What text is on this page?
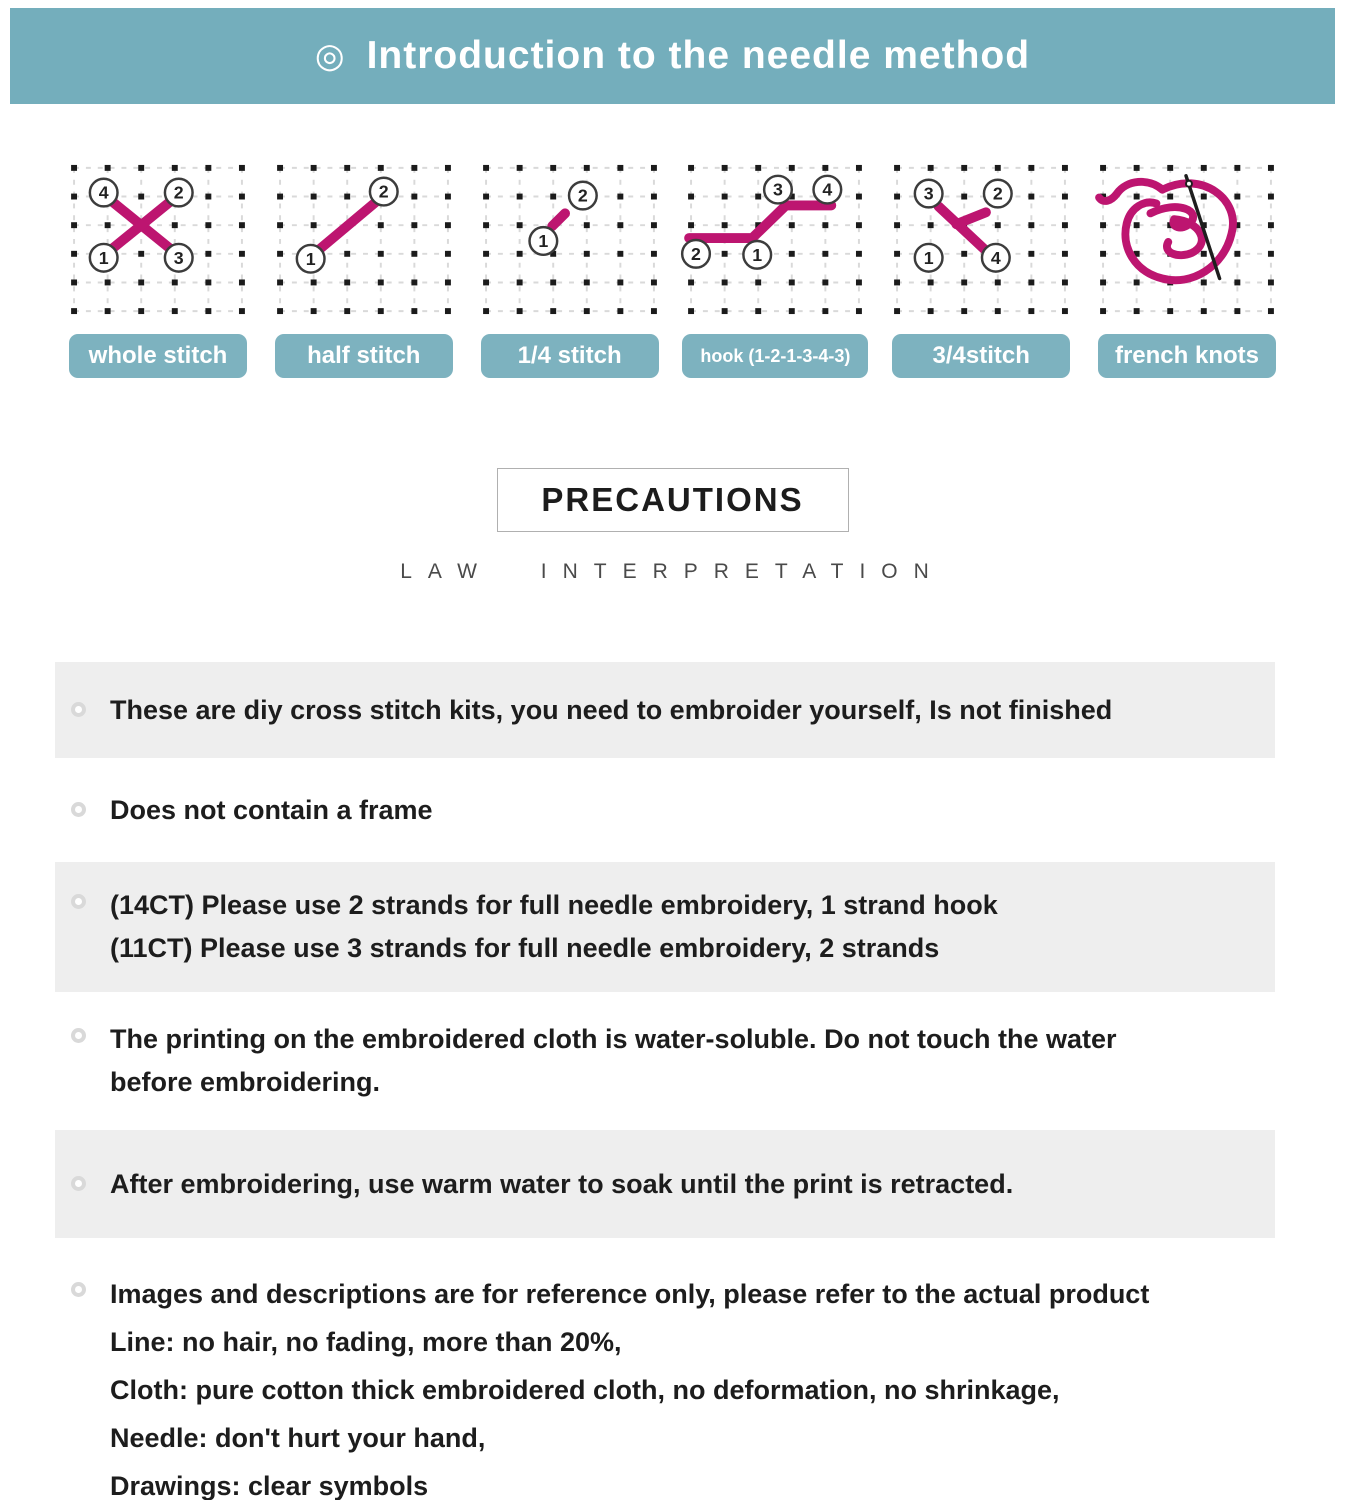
◎ Introduction to the needle method
4	2
1	3
whole stitch
1
2
half stitch
1
2
1/4 stitch
2	1
3 4
hook (1-2-1-3-4-3)
3	2
1	4
3/4stitch	french knots
PRECAUTIONS
LAW INTERPRETATION
These are diy cross stitch kits, you need to embroider yourself, Is not finished
Does not contain a frame
(14CT) Please use 2 strands for full needle embroidery, 1 strand hook
(11CT) Please use 3 strands for full needle embroidery, 2 strands
The printing on the embroidered cloth is water-soluble. Do not touch the water
before embroidering.
After embroidering, use warm water to soak until the print is retracted.
Images and descriptions are for reference only, please refer to the actual product
Line: no hair, no fading, more than 20%,
Cloth: pure cotton thick embroidered cloth, no deformation, no shrinkage,
Needle: don't hurt your hand,
Drawings: clear symbols
